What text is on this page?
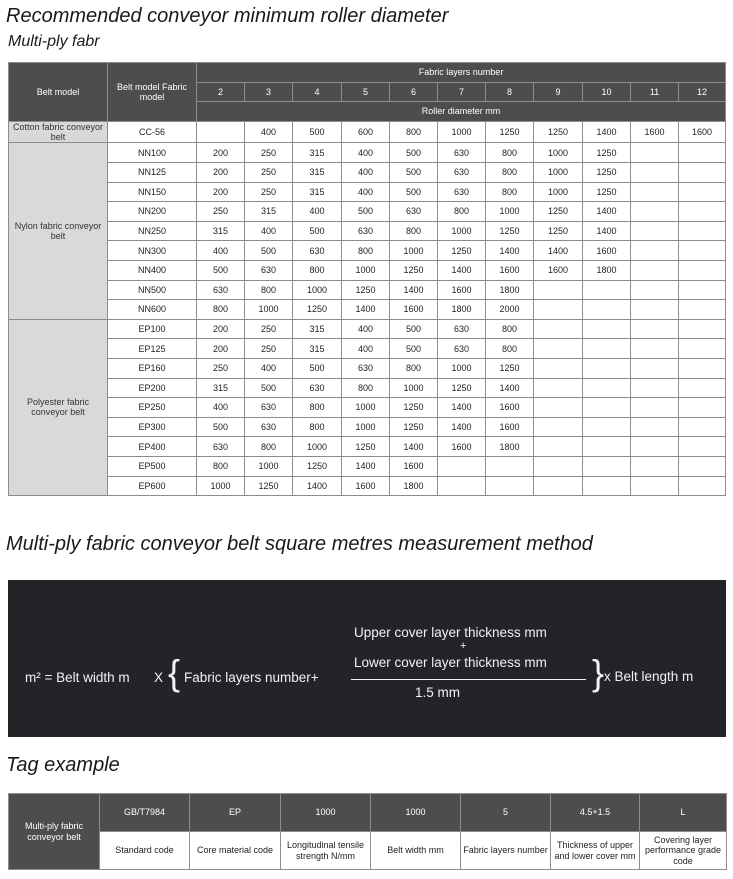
Recommended conveyor minimum roller diameter
Multi-ply fabr
Belt model	Belt model Fabric model	Fabric layers number										
		2	3	4	5	6	7	8	9	10	11	12
		Roller diameter mm										
Cotton fabric conveyor belt	CC-56		400	500	600	800	1000	1250	1250	1400	1600	1600
Nylon fabric conveyor belt	NN100	200	250	315	400	500	630	800	1000	1250		
	NN125	200	250	315	400	500	630	800	1000	1250		
	NN150	200	250	315	400	500	630	800	1000	1250		
	NN200	250	315	400	500	630	800	1000	1250	1400		
	NN250	315	400	500	630	800	1000	1250	1250	1400		
	NN300	400	500	630	800	1000	1250	1400	1400	1600		
	NN400	500	630	800	1000	1250	1400	1600	1600	1800		
	NN500	630	800	1000	1250	1400	1600	1800				
	NN600	800	1000	1250	1400	1600	1800	2000				
Polyester fabric conveyor belt	EP100	200	250	315	400	500	630	800				
	EP125	200	250	315	400	500	630	800				
	EP160	250	400	500	630	800	1000	1250				
	EP200	315	500	630	800	1000	1250	1400				
	EP250	400	630	800	1000	1250	1400	1600				
	EP300	500	630	800	1000	1250	1400	1600				
	EP400	630	800	1000	1250	1400	1600	1800				
	EP500	800	1000	1250	1400	1600						
	EP600	1000	1250	1400	1600	1800						
Multi-ply fabric conveyor belt square metres measurement method
m² = Belt width m X { Fabric layers number+
Upper cover layer thickness mm
+
Lower cover layer thickness mm
1.5 mm	} x Belt length m
Tag example
Multi-ply fabric conveyor belt	GB/T7984	EP	1000	1000	5	4.5+1.5	L
	Standard code	Core material code	Longitudinal tensile strength N/mm	Belt width mm	Fabric layers number	Thickness of upper and lower cover mm	Covering layer performance grade code
